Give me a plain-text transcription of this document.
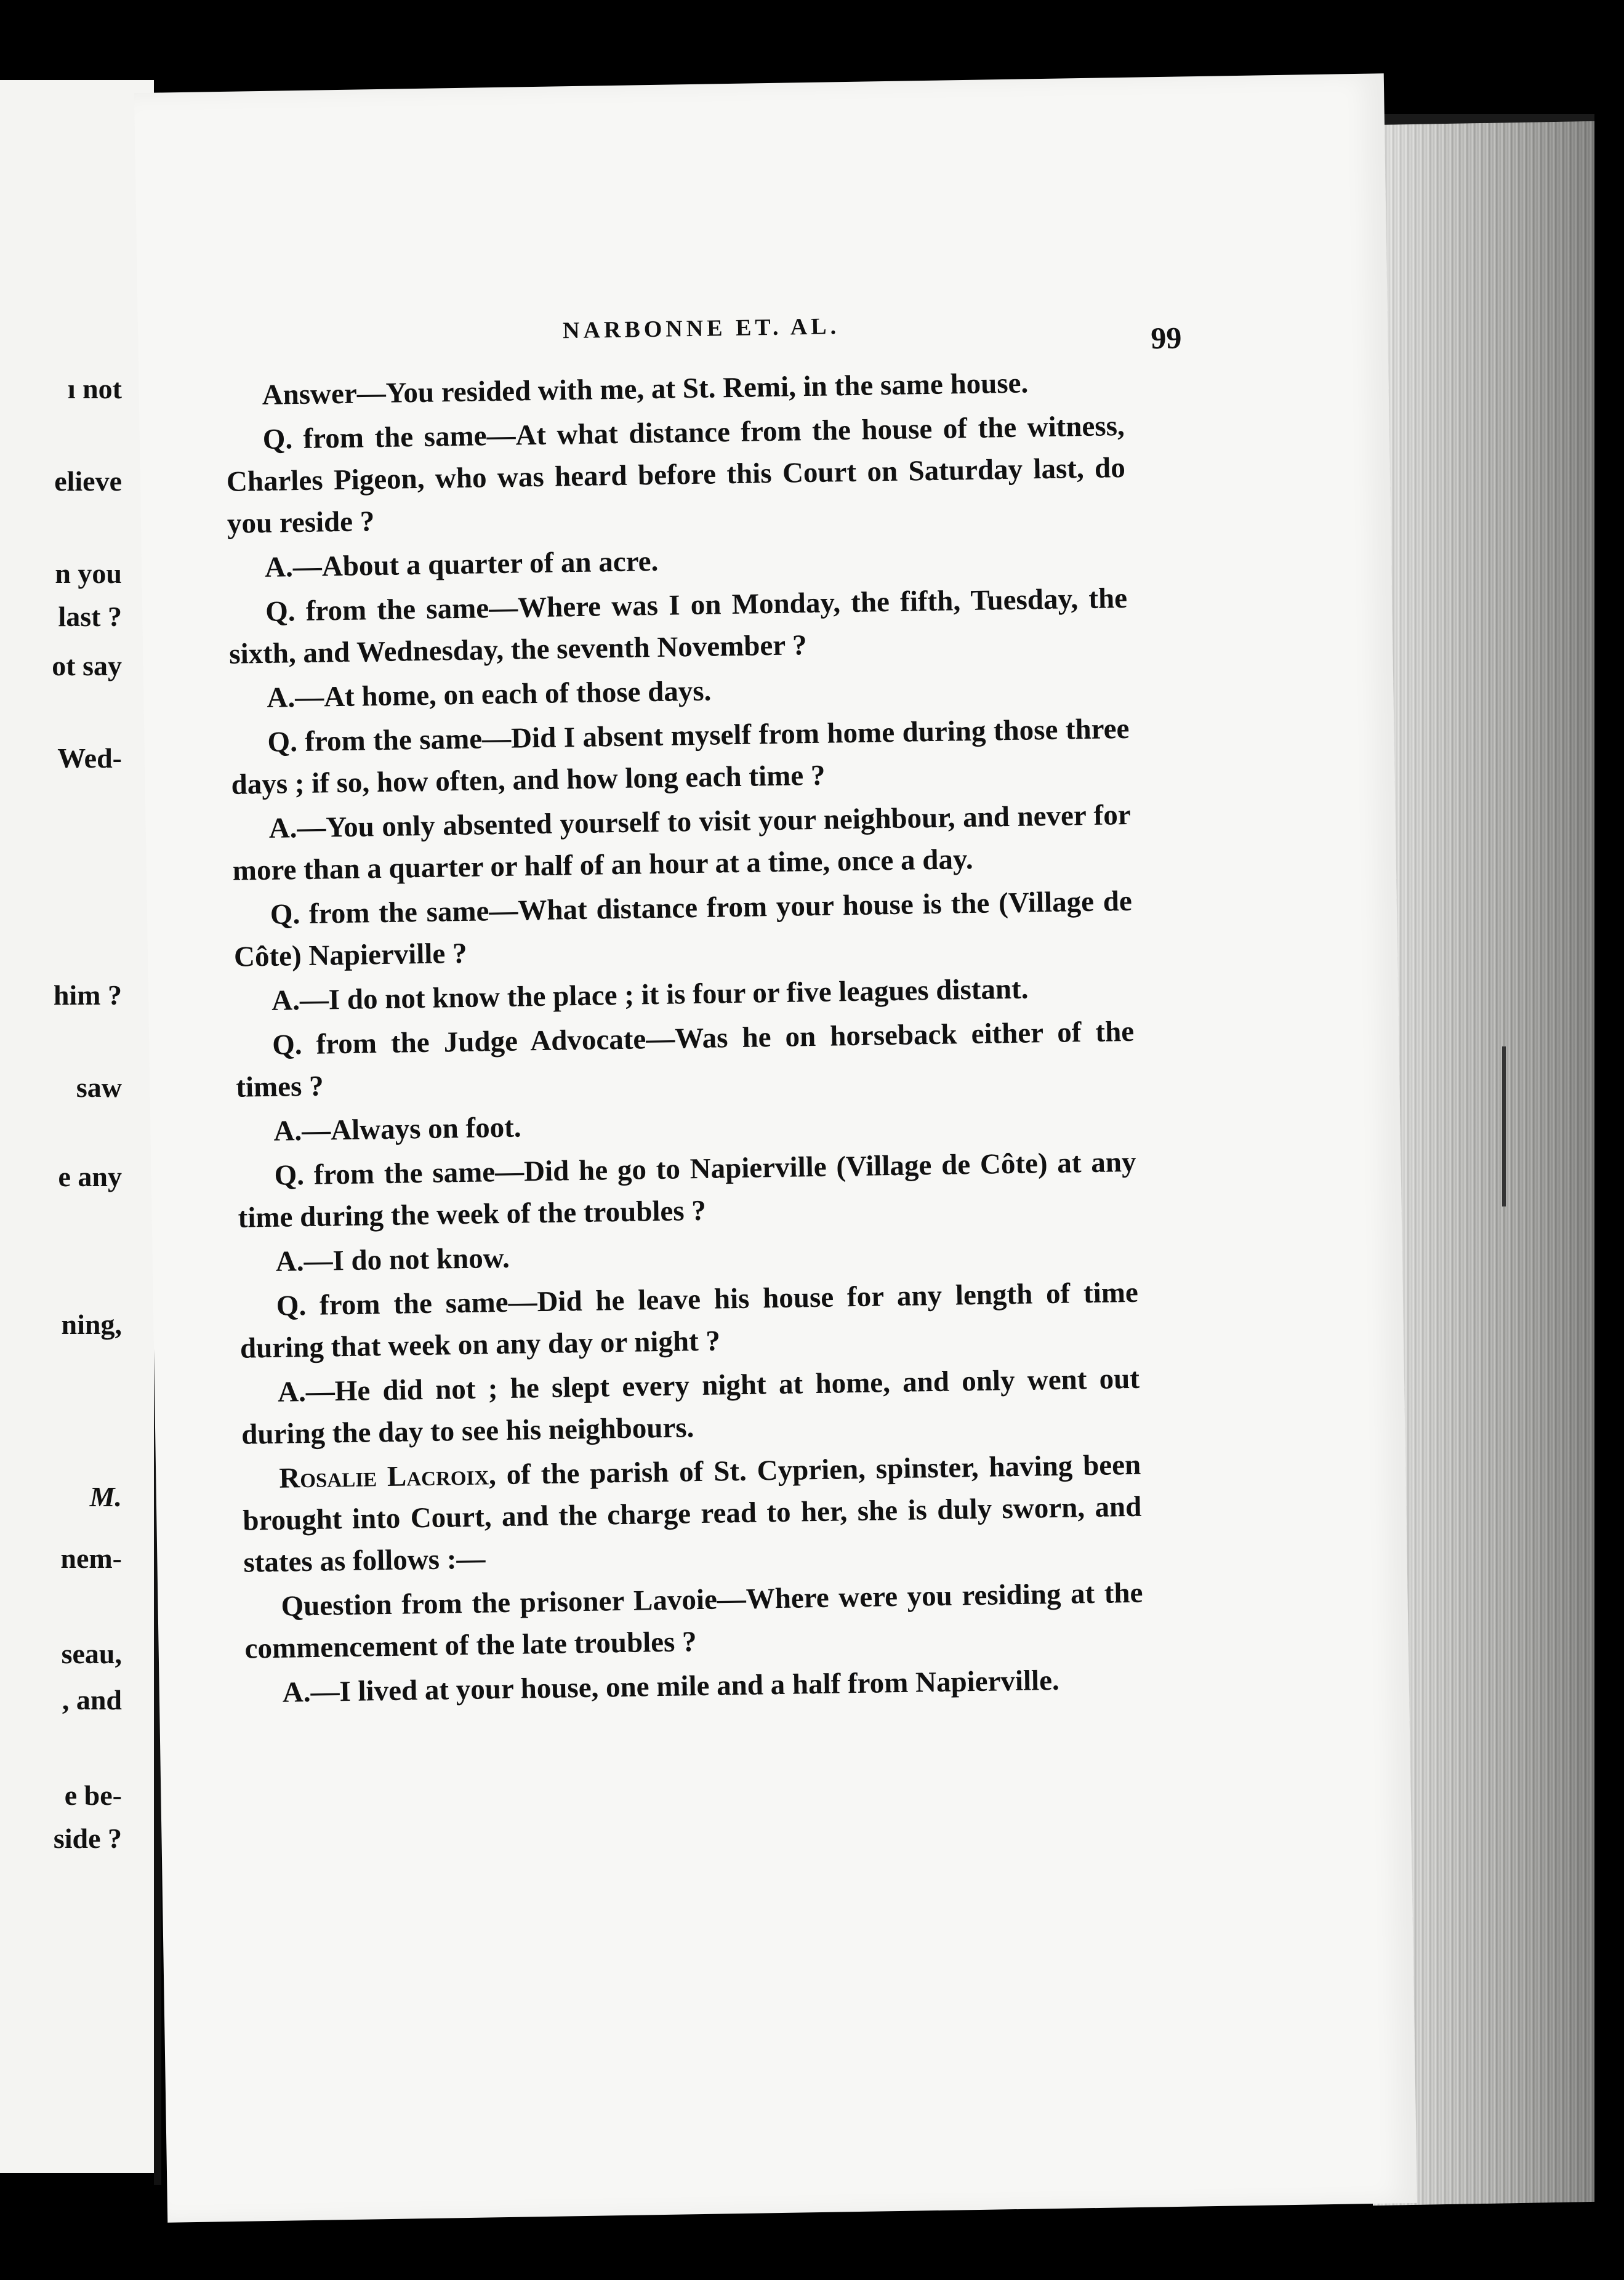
ı not
elieve
n you
last ?
ot say
Wed-
him ?
saw
e any
ning,
M.
nem-
seau,
, and
e be-
side ?
NARBONNE ET. AL.	99

Answer—You resided with me, at St. Remi, in the same house.

Q. from the same—At what distance from the house of the witness, Charles Pigeon, who was heard before this Court on Saturday last, do you reside ?

A.—About a quarter of an acre.

Q. from the same—Where was I on Monday, the fifth, Tuesday, the sixth, and Wednesday, the seventh November ?

A.—At home, on each of those days.

Q. from the same—Did I absent myself from home during those three days ; if so, how often, and how long each time ?

A.—You only absented yourself to visit your neighbour, and never for more than a quarter or half of an hour at a time, once a day.

Q. from the same—What distance from your house is the (Village de Côte) Napierville ?

A.—I do not know the place ; it is four or five leagues distant.

Q. from the Judge Advocate—Was he on horseback either of the times ?

A.—Always on foot.

Q. from the same—Did he go to Napierville (Village de Côte) at any time during the week of the troubles ?

A.—I do not know.

Q. from the same—Did he leave his house for any length of time during that week on any day or night ?

A.—He did not ; he slept every night at home, and only went out during the day to see his neighbours.

Rosalie Lacroix, of the parish of St. Cyprien, spinster, having been brought into Court, and the charge read to her, she is duly sworn, and states as follows :—

Question from the prisoner Lavoie—Where were you residing at the commencement of the late troubles ?

A.—I lived at your house, one mile and a half from Napierville.
